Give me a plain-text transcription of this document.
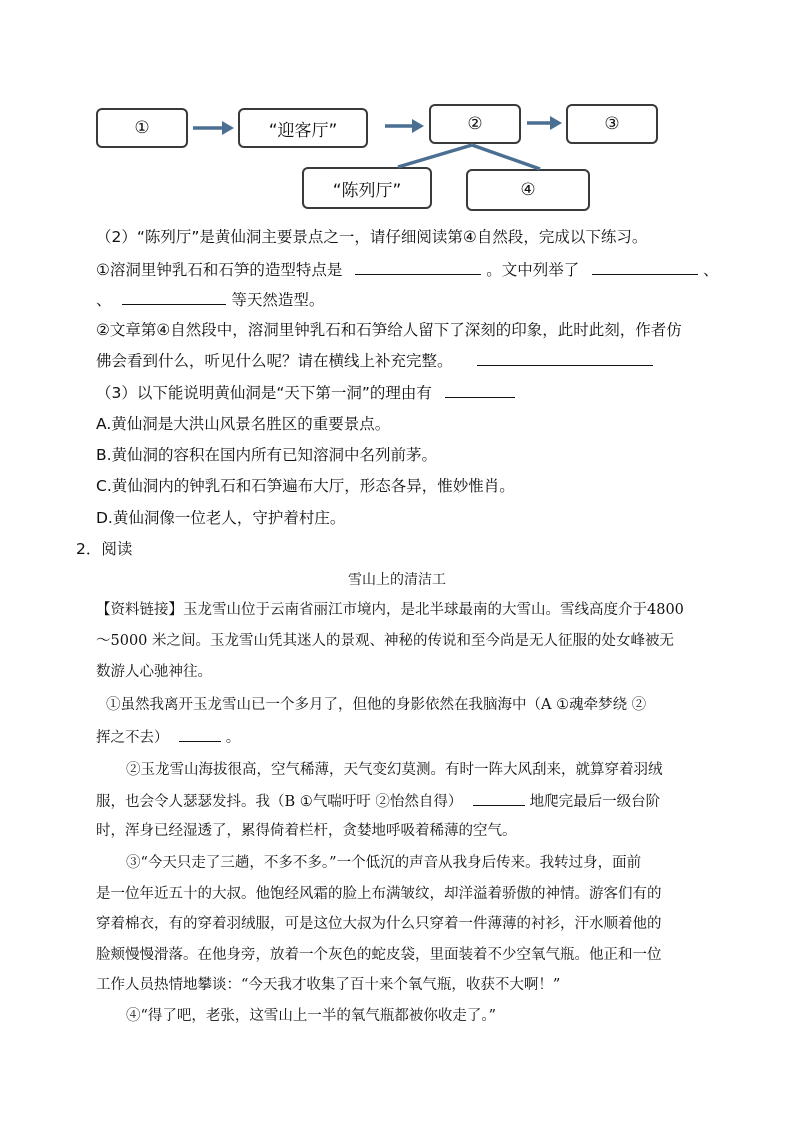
①	“迎客厅”	②	③
“陈列厅”	④
（2）“陈列厅”是黄仙洞主要景点之一，请仔细阅读第④自然段，完成以下练习。
①溶洞里钟乳石和石笋的造型特点是	。文中列举了	、
、	等天然造型。
②文章第④自然段中，溶洞里钟乳石和石笋给人留下了深刻的印象，此时此刻，作者仿
佛会看到什么，听见什么呢？请在横线上补充完整。
（3）以下能说明黄仙洞是“天下第一洞”的理由有
A.黄仙洞是大洪山风景名胜区的重要景点。
B.黄仙洞的容积在国内所有已知溶洞中名列前茅。
C.黄仙洞内的钟乳石和石笋遍布大厅，形态各异，惟妙惟肖。
D.黄仙洞像一位老人，守护着村庄。
2．阅读
雪山上的清洁工
【资料链接】玉龙雪山位于云南省丽江市境内，是北半球最南的大雪山。雪线高度介于4800
～5000 米之间。玉龙雪山凭其迷人的景观、神秘的传说和至今尚是无人征服的处女峰被无
数游人心驰神往。
①虽然我离开玉龙雪山已一个多月了，但他的身影依然在我脑海中（A ①魂牵梦绕 ②
挥之不去）	。
②玉龙雪山海拔很高，空气稀薄，天气变幻莫测。有时一阵大风刮来，就算穿着羽绒
服，也会令人瑟瑟发抖。我（B ①气喘吁吁 ②怡然自得）	地爬完最后一级台阶
时，浑身已经湿透了，累得倚着栏杆，贪婪地呼吸着稀薄的空气。
③“今天只走了三趟，不多不多。”一个低沉的声音从我身后传来。我转过身，面前
是一位年近五十的大叔。他饱经风霜的脸上布满皱纹，却洋溢着骄傲的神情。游客们有的
穿着棉衣，有的穿着羽绒服，可是这位大叔为什么只穿着一件薄薄的衬衫，汗水顺着他的
脸颊慢慢滑落。在他身旁，放着一个灰色的蛇皮袋，里面装着不少空氧气瓶。他正和一位
工作人员热情地攀谈：“今天我才收集了百十来个氧气瓶，收获不大啊！”
④“得了吧，老张，这雪山上一半的氧气瓶都被你收走了。”
